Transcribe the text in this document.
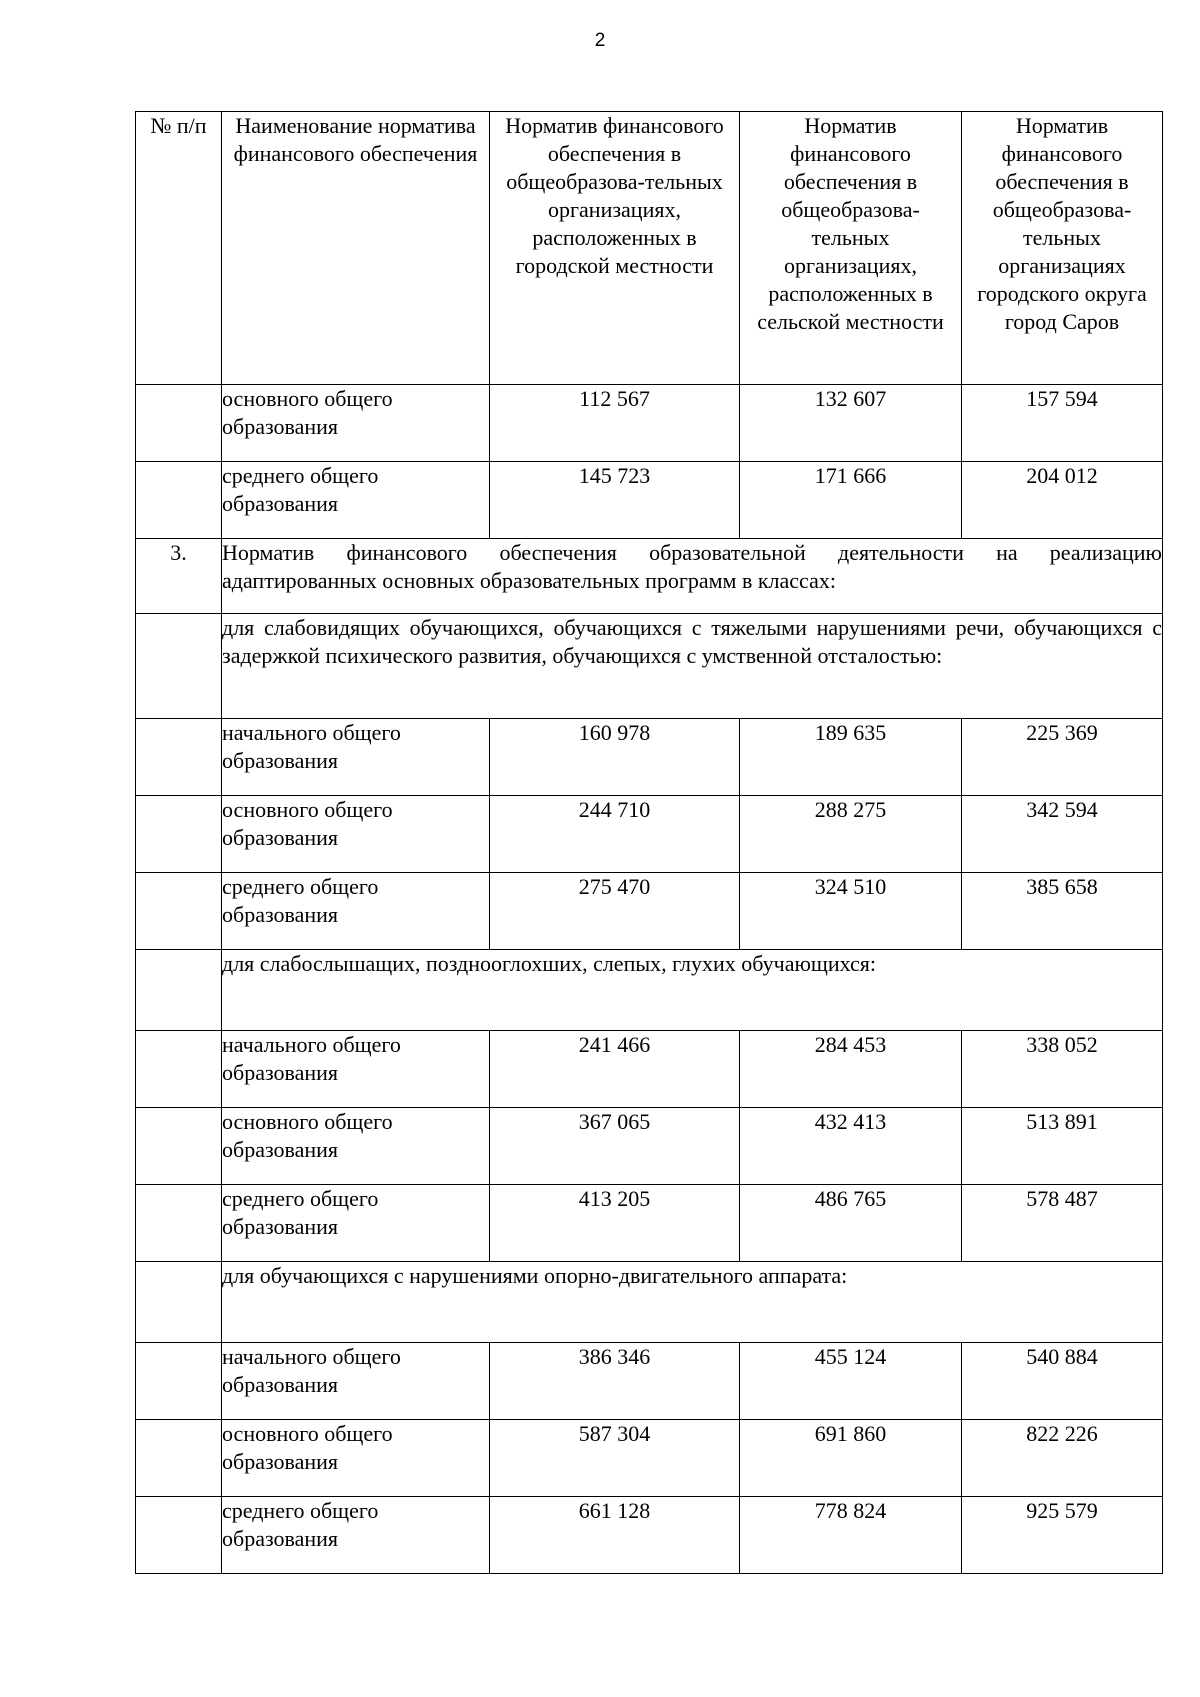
2
№ п/п	Наименование норматива финансового обеспечения	Норматив финансового обеспечения в общеобразова-тельных организациях, расположенных в городской местности	Норматив финансового обеспечения в общеобразова-тельных организациях, расположенных в сельской местности	Норматив финансового обеспечения в общеобразова-тельных организациях городского округа город Саров

	основного общего образования	112 567	132 607	157 594
	среднего общего образования	145 723	171 666	204 012
3.	Норматив финансового обеспечения образовательной деятельности на реализацию адаптированных основных образовательных программ в классах:			
	для слабовидящих обучающихся, обучающихся с тяжелыми нарушениями речи, обучающихся с задержкой психического развития, обучающихся с умственной отсталостью:			
	начального общего образования	160 978	189 635	225 369
	основного общего образования	244 710	288 275	342 594
	среднего общего образования	275 470	324 510	385 658
	для слабослышащих, позднооглохших, слепых, глухих обучающихся:			
	начального общего образования	241 466	284 453	338 052
	основного общего образования	367 065	432 413	513 891
	среднего общего образования	413 205	486 765	578 487
	для обучающихся с нарушениями опорно-двигательного аппарата:			
	начального общего образования	386 346	455 124	540 884
	основного общего образования	587 304	691 860	822 226
	среднего общего образования	661 128	778 824	925 579
